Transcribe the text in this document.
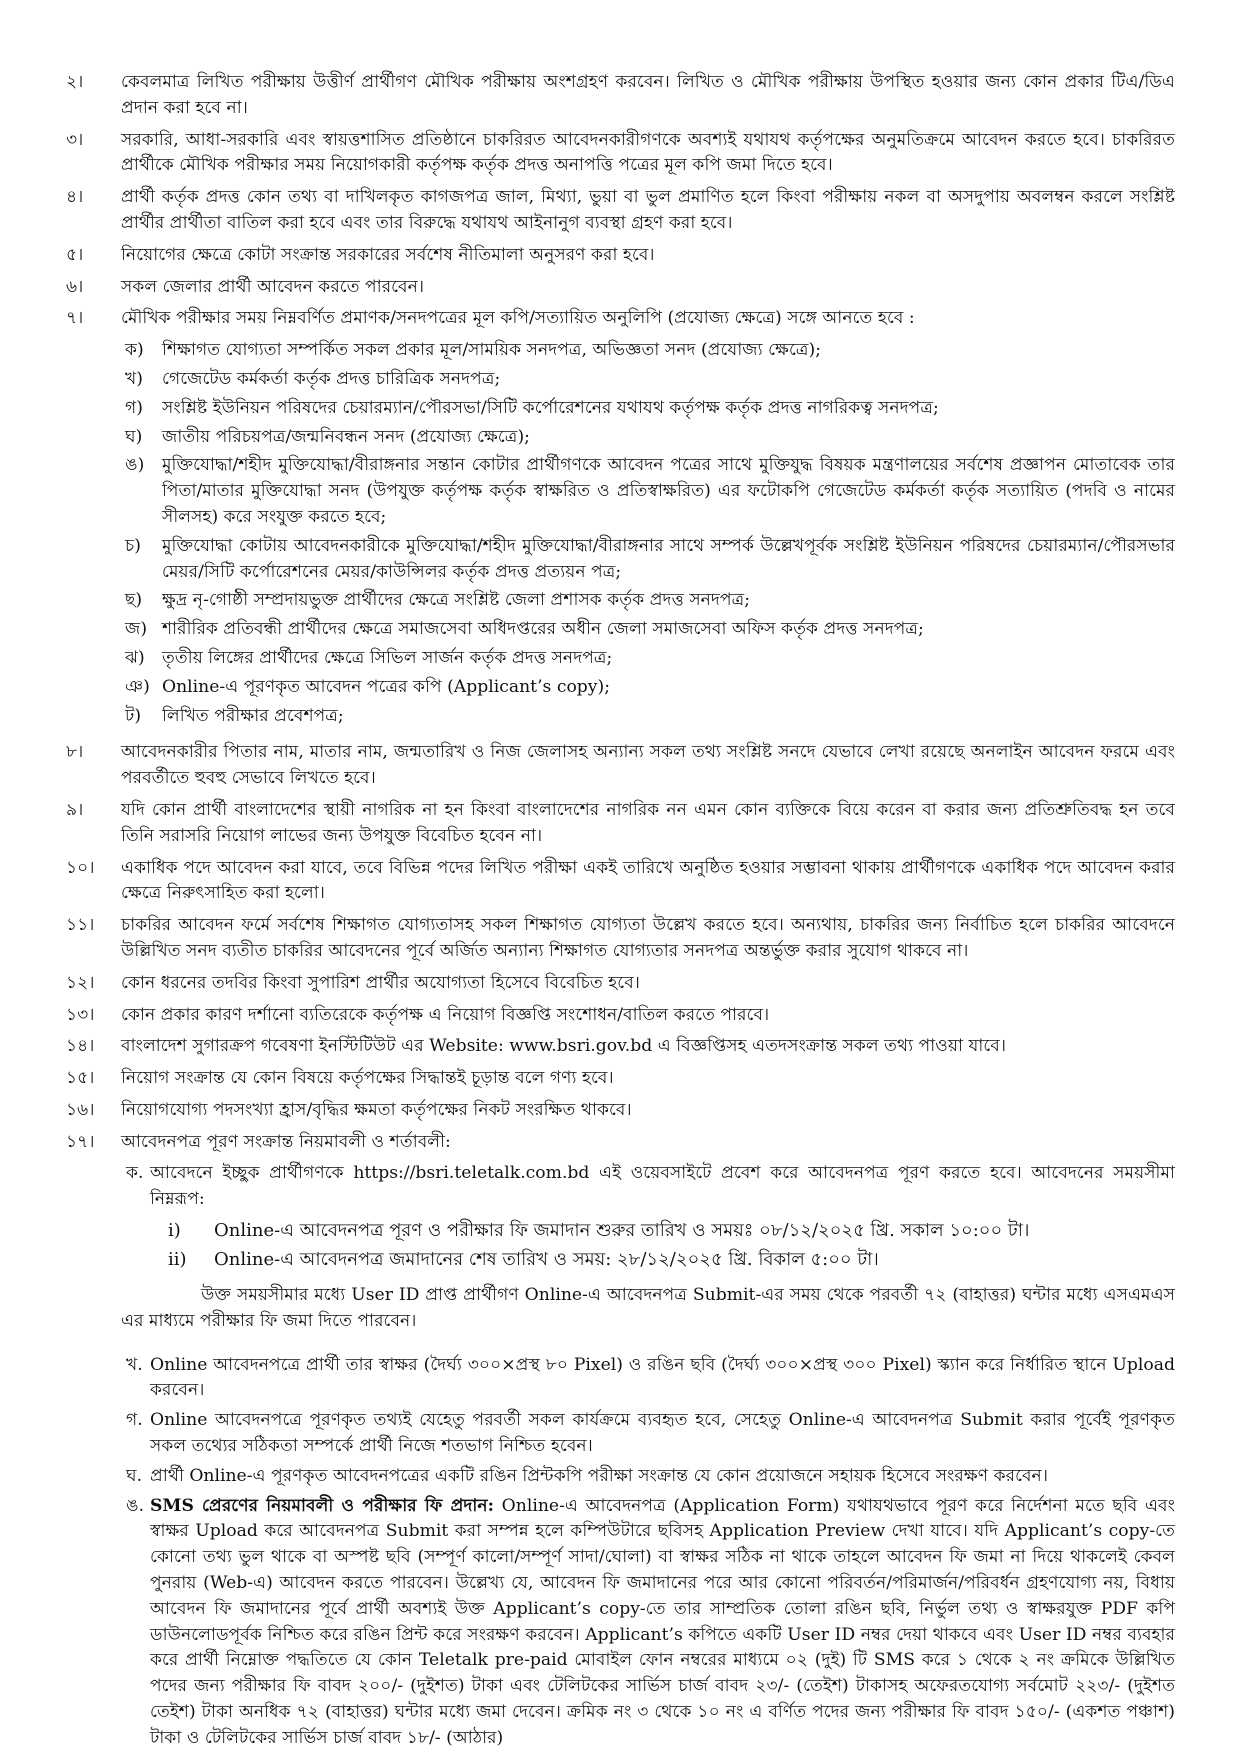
২।	কেবলমাত্র লিখিত পরীক্ষায় উত্তীর্ণ প্রার্থীগণ মৌখিক পরীক্ষায় অংশগ্রহণ করবেন। লিখিত ও মৌখিক পরীক্ষায় উপস্থিত হওয়ার জন্য কোন প্রকার টিএ/ডিএ প্রদান করা হবে না।
৩।	সরকারি, আধা-সরকারি এবং স্বায়ত্তশাসিত প্রতিষ্ঠানে চাকরিরত আবেদনকারীগণকে অবশ্যই যথাযথ কর্তৃপক্ষের অনুমতিক্রমে আবেদন করতে হবে। চাকরিরত প্রার্থীকে মৌখিক পরীক্ষার সময় নিয়োগকারী কর্তৃপক্ষ কর্তৃক প্রদত্ত অনাপত্তি পত্রের মূল কপি জমা দিতে হবে।
৪।	প্রার্থী কর্তৃক প্রদত্ত কোন তথ্য বা দাখিলকৃত কাগজপত্র জাল, মিথ্যা, ভুয়া বা ভুল প্রমাণিত হলে কিংবা পরীক্ষায় নকল বা অসদুপায় অবলম্বন করলে সংশ্লিষ্ট প্রার্থীর প্রার্থীতা বাতিল করা হবে এবং তার বিরুদ্ধে যথাযথ আইনানুগ ব্যবস্থা গ্রহণ করা হবে।
৫।	নিয়োগের ক্ষেত্রে কোটা সংক্রান্ত সরকারের সর্বশেষ নীতিমালা অনুসরণ করা হবে।
৬।	সকল জেলার প্রার্থী আবেদন করতে পারবেন।
৭।	মৌখিক পরীক্ষার সময় নিম্নবর্ণিত প্রমাণক/সনদপত্রের মূল কপি/সত্যায়িত অনুলিপি (প্রযোজ্য ক্ষেত্রে) সঙ্গে আনতে হবে :
ক)	শিক্ষাগত যোগ্যতা সম্পর্কিত সকল প্রকার মূল/সাময়িক সনদপত্র, অভিজ্ঞতা সনদ (প্রযোজ্য ক্ষেত্রে);
খ)	গেজেটেড কর্মকর্তা কর্তৃক প্রদত্ত চারিত্রিক সনদপত্র;
গ)	সংশ্লিষ্ট ইউনিয়ন পরিষদের চেয়ারম্যান/পৌরসভা/সিটি কর্পোরেশনের যথাযথ কর্তৃপক্ষ কর্তৃক প্রদত্ত নাগরিকত্ব সনদপত্র;
ঘ)	জাতীয় পরিচয়পত্র/জন্মনিবন্ধন সনদ (প্রযোজ্য ক্ষেত্রে);
ঙ)	মুক্তিযোদ্ধা/শহীদ মুক্তিযোদ্ধা/বীরাঙ্গনার সন্তান কোটার প্রার্থীগণকে আবেদন পত্রের সাথে মুক্তিযুদ্ধ বিষয়ক মন্ত্রণালয়ের সর্বশেষ প্রজ্ঞাপন মোতাবেক তার পিতা/মাতার মুক্তিযোদ্ধা সনদ (উপযুক্ত কর্তৃপক্ষ কর্তৃক স্বাক্ষরিত ও প্রতিস্বাক্ষরিত) এর ফটোকপি গেজেটেড কর্মকর্তা কর্তৃক সত্যায়িত (পদবি ও নামের সীলসহ) করে সংযুক্ত করতে হবে;
চ)	মুক্তিযোদ্ধা কোটায় আবেদনকারীকে মুক্তিযোদ্ধা/শহীদ মুক্তিযোদ্ধা/বীরাঙ্গনার সাথে সম্পর্ক উল্লেখপূর্বক সংশ্লিষ্ট ইউনিয়ন পরিষদের চেয়ারম্যান/পৌরসভার মেয়র/সিটি কর্পোরেশনের মেয়র/কাউন্সিলর কর্তৃক প্রদত্ত প্রত্যয়ন পত্র;
ছ)	ক্ষুদ্র নৃ-গোষ্ঠী সম্প্রদায়ভুক্ত প্রার্থীদের ক্ষেত্রে সংশ্লিষ্ট জেলা প্রশাসক কর্তৃক প্রদত্ত সনদপত্র;
জ) শারীরিক প্রতিবন্ধী প্রার্থীদের ক্ষেত্রে সমাজসেবা অধিদপ্তরের অধীন জেলা সমাজসেবা অফিস কর্তৃক প্রদত্ত সনদপত্র;
ঝ)	তৃতীয় লিঙ্গের প্রার্থীদের ক্ষেত্রে সিভিল সার্জন কর্তৃক প্রদত্ত সনদপত্র;
ঞ) Online-এ পূরণকৃত আবেদন পত্রের কপি (Applicant’s copy);
ট)	লিখিত পরীক্ষার প্রবেশপত্র;
৮।	আবেদনকারীর পিতার নাম, মাতার নাম, জন্মতারিখ ও নিজ জেলাসহ অন্যান্য সকল তথ্য সংশ্লিষ্ট সনদে যেভাবে লেখা রয়েছে অনলাইন আবেদন ফরমে এবং পরবর্তীতে হুবহু সেভাবে লিখতে হবে।
৯।	যদি কোন প্রার্থী বাংলাদেশের স্থায়ী নাগরিক না হন কিংবা বাংলাদেশের নাগরিক নন এমন কোন ব্যক্তিকে বিয়ে করেন বা করার জন্য প্রতিশ্রুতিবদ্ধ হন তবে তিনি সরাসরি নিয়োগ লাভের জন্য উপযুক্ত বিবেচিত হবেন না।
১০।	একাধিক পদে আবেদন করা যাবে, তবে বিভিন্ন পদের লিখিত পরীক্ষা একই তারিখে অনুষ্ঠিত হওয়ার সম্ভাবনা থাকায় প্রার্থীগণকে একাধিক পদে আবেদন করার ক্ষেত্রে নিরুৎসাহিত করা হলো।
১১।	চাকরির আবেদন ফর্মে সর্বশেষ শিক্ষাগত যোগ্যতাসহ সকল শিক্ষাগত যোগ্যতা উল্লেখ করতে হবে। অন্যথায়, চাকরির জন্য নির্বাচিত হলে চাকরির আবেদনে উল্লিখিত সনদ ব্যতীত চাকরির আবেদনের পূর্বে অর্জিত অন্যান্য শিক্ষাগত যোগ্যতার সনদপত্র অন্তর্ভুক্ত করার সুযোগ থাকবে না।
১২।	কোন ধরনের তদবির কিংবা সুপারিশ প্রার্থীর অযোগ্যতা হিসেবে বিবেচিত হবে।
১৩।	কোন প্রকার কারণ দর্শানো ব্যতিরেকে কর্তৃপক্ষ এ নিয়োগ বিজ্ঞপ্তি সংশোধন/বাতিল করতে পারবে।
১৪।	বাংলাদেশ সুগারক্রপ গবেষণা ইনস্টিটিউট এর Website: www.bsri.gov.bd এ বিজ্ঞপ্তিসহ এতদসংক্রান্ত সকল তথ্য পাওয়া যাবে।
১৫।	নিয়োগ সংক্রান্ত যে কোন বিষয়ে কর্তৃপক্ষের সিদ্ধান্তই চূড়ান্ত বলে গণ্য হবে।
১৬।	নিয়োগযোগ্য পদসংখ্যা হ্রাস/বৃদ্ধির ক্ষমতা কর্তৃপক্ষের নিকট সংরক্ষিত থাকবে।
১৭।	আবেদনপত্র পূরণ সংক্রান্ত নিয়মাবলী ও শর্তাবলী:
ক. আবেদনে ইচ্ছুক প্রার্থীগণকে https://bsri.teletalk.com.bd এই ওয়েবসাইটে প্রবেশ করে আবেদনপত্র পূরণ করতে হবে। আবেদনের সময়সীমা নিম্নরূপ:
i)	Online-এ আবেদনপত্র পূরণ ও পরীক্ষার ফি জমাদান শুরুর তারিখ ও সময়ঃ ০৮/১২/২০২৫ খ্রি. সকাল ১০:০০ টা।
ii)	Online-এ আবেদনপত্র জমাদানের শেষ তারিখ ও সময়: ২৮/১২/২০২৫ খ্রি. বিকাল ৫:০০ টা।
উক্ত সময়সীমার মধ্যে User ID প্রাপ্ত প্রার্থীগণ Online-এ আবেদনপত্র Submit-এর সময় থেকে পরবর্তী ৭২ (বাহাত্তর) ঘন্টার মধ্যে এসএমএস এর মাধ্যমে পরীক্ষার ফি জমা দিতে পারবেন।
খ. Online আবেদনপত্রে প্রার্থী তার স্বাক্ষর (দৈর্ঘ্য ৩০০×প্রস্থ ৮০ Pixel) ও রঙিন ছবি (দৈর্ঘ্য ৩০০×প্রস্থ ৩০০ Pixel) স্ক্যান করে নির্ধারিত স্থানে Upload করবেন।
গ. Online আবেদনপত্রে পূরণকৃত তথ্যই যেহেতু পরবর্তী সকল কার্যক্রমে ব্যবহৃত হবে, সেহেতু Online-এ আবেদনপত্র Submit করার পূর্বেই পূরণকৃত সকল তথ্যের সঠিকতা সম্পর্কে প্রার্থী নিজে শতভাগ নিশ্চিত হবেন।
ঘ. প্রার্থী Online-এ পূরণকৃত আবেদনপত্রের একটি রঙিন প্রিন্টকপি পরীক্ষা সংক্রান্ত যে কোন প্রয়োজনে সহায়ক হিসেবে সংরক্ষণ করবেন।
ঙ. SMS প্রেরণের নিয়মাবলী ও পরীক্ষার ফি প্রদান: Online-এ আবেদনপত্র (Application Form) যথাযথভাবে পূরণ করে নির্দেশনা মতে ছবি এবং স্বাক্ষর Upload করে আবেদনপত্র Submit করা সম্পন্ন হলে কম্পিউটারে ছবিসহ Application Preview দেখা যাবে। যদি Applicant’s copy-তে কোনো তথ্য ভুল থাকে বা অস্পষ্ট ছবি (সম্পূর্ণ কালো/সম্পূর্ণ সাদা/ঘোলা) বা স্বাক্ষর সঠিক না থাকে তাহলে আবেদন ফি জমা না দিয়ে থাকলেই কেবল পুনরায় (Web-এ) আবেদন করতে পারবেন। উল্লেখ্য যে, আবেদন ফি জমাদানের পরে আর কোনো পরিবর্তন/পরিমার্জন/পরিবর্ধন গ্রহণযোগ্য নয়, বিধায় আবেদন ফি জমাদানের পূর্বে প্রার্থী অবশ্যই উক্ত Applicant’s copy-তে তার সাম্প্রতিক তোলা রঙিন ছবি, নির্ভুল তথ্য ও স্বাক্ষরযুক্ত PDF কপি ডাউনলোডপূর্বক নিশ্চিত করে রঙিন প্রিন্ট করে সংরক্ষণ করবেন। Applicant’s কপিতে একটি User ID নম্বর দেয়া থাকবে এবং User ID নম্বর ব্যবহার করে প্রার্থী নিম্নোক্ত পদ্ধতিতে যে কোন Teletalk pre-paid মোবাইল ফোন নম্বরের মাধ্যমে ০২ (দুই) টি SMS করে ১ থেকে ২ নং ক্রমিকে উল্লিখিত পদের জন্য পরীক্ষার ফি বাবদ ২০০/- (দুইশত) টাকা এবং টেলিটকের সার্ভিস চার্জ বাবদ ২৩/- (তেইশ) টাকাসহ অফেরতযোগ্য সর্বমোট ২২৩/- (দুইশত তেইশ) টাকা অনধিক ৭২ (বাহাত্তর) ঘন্টার মধ্যে জমা দেবেন। ক্রমিক নং ৩ থেকে ১০ নং এ বর্ণিত পদের জন্য পরীক্ষার ফি বাবদ ১৫০/- (একশত পঞ্চাশ) টাকা ও টেলিটকের সার্ভিস চার্জ বাবদ ১৮/- (আঠার)
